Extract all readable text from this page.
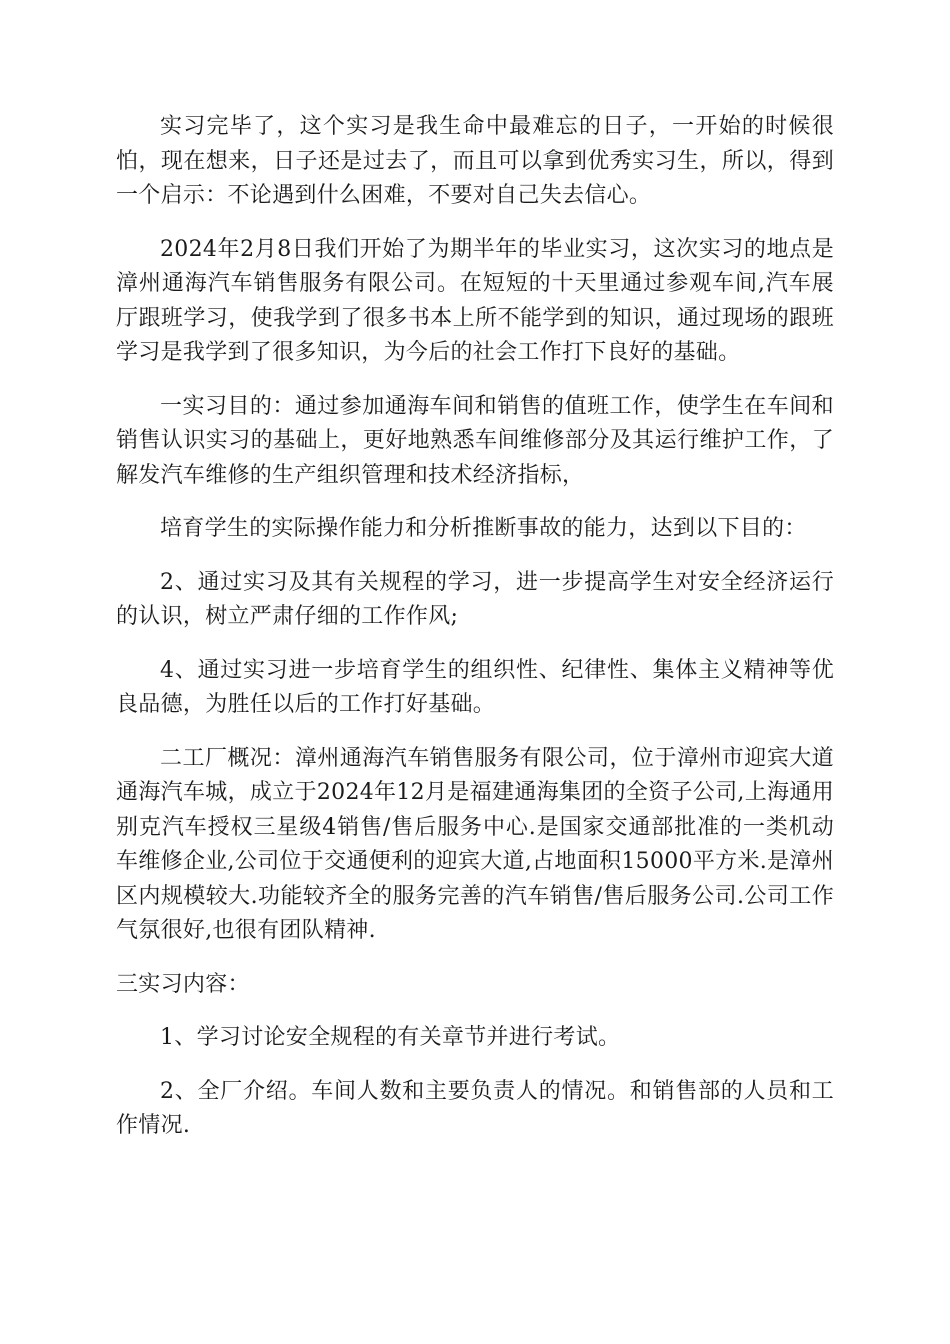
实习完毕了，这个实习是我生命中最难忘的日子，一开始的时候很怕，现在想来，日子还是过去了，而且可以拿到优秀实习生，所以，得到一个启示：不论遇到什么困难，不要对自己失去信心。

2024年2月8日我们开始了为期半年的毕业实习，这次实习的地点是漳州通海汽车销售服务有限公司。在短短的十天里通过参观车间,汽车展厅跟班学习，使我学到了很多书本上所不能学到的知识，通过现场的跟班学习是我学到了很多知识，为今后的社会工作打下良好的基础。

一实习目的：通过参加通海车间和销售的值班工作，使学生在车间和销售认识实习的基础上，更好地熟悉车间维修部分及其运行维护工作，了解发汽车维修的生产组织管理和技术经济指标，

培育学生的实际操作能力和分析推断事故的能力，达到以下目的：

2、通过实习及其有关规程的学习，进一步提高学生对安全经济运行的认识，树立严肃仔细的工作作风;

4、通过实习进一步培育学生的组织性、纪律性、集体主义精神等优良品德，为胜任以后的工作打好基础。

二工厂概况：漳州通海汽车销售服务有限公司，位于漳州市迎宾大道通海汽车城，成立于2024年12月是福建通海集团的全资子公司,上海通用别克汽车授权三星级4销售/售后服务中心.是国家交通部批准的一类机动车维修企业,公司位于交通便利的迎宾大道,占地面积15000平方米.是漳州区内规模较大.功能较齐全的服务完善的汽车销售/售后服务公司.公司工作气氛很好,也很有团队精神.

三实习内容：

1、学习讨论安全规程的有关章节并进行考试。

2、全厂介绍。车间人数和主要负责人的情况。和销售部的人员和工作情况.
